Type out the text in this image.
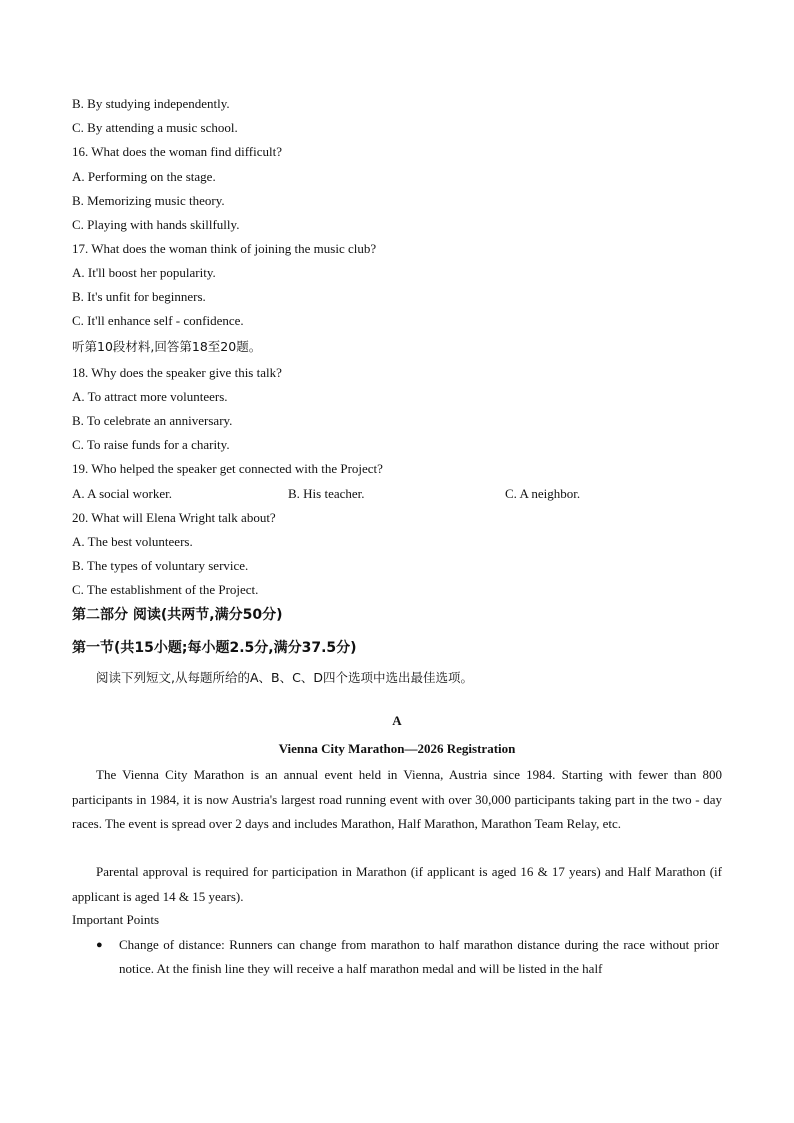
B. By studying independently.
C. By attending a music school.
16. What does the woman find difficult?
A. Performing on the stage.
B. Memorizing music theory.
C. Playing with hands skillfully.
17. What does the woman think of joining the music club?
A. It'll boost her popularity.
B. It's unfit for beginners.
C. It'll enhance self - confidence.
听第10段材料,回答第18至20题。
18. Why does the speaker give this talk?
A. To attract more volunteers.
B. To celebrate an anniversary.
C. To raise funds for a charity.
19. Who helped the speaker get connected with the Project?
A. A social worker.	B. His teacher.	C. A neighbor.
20. What will Elena Wright talk about?
A. The best volunteers.
B. The types of voluntary service.
C. The establishment of the Project.
第二部分 阅读(共两节,满分50分)
第一节(共15小题;每小题2.5分,满分37.5分)
阅读下列短文,从每题所给的A、B、C、D四个选项中选出最佳选项。
A
Vienna City Marathon—2026 Registration
The Vienna City Marathon is an annual event held in Vienna, Austria since 1984. Starting with fewer than 800 participants in 1984, it is now Austria's largest road running event with over 30,000 participants taking part in the two - day races. The event is spread over 2 days and includes Marathon, Half Marathon, Marathon Team Relay, etc.
Parental approval is required for participation in Marathon (if applicant is aged 16 & 17 years) and Half Marathon (if applicant is aged 14 & 15 years).
Important Points
● Change of distance: Runners can change from marathon to half marathon distance during the race without prior notice. At the finish line they will receive a half marathon medal and will be listed in the half
